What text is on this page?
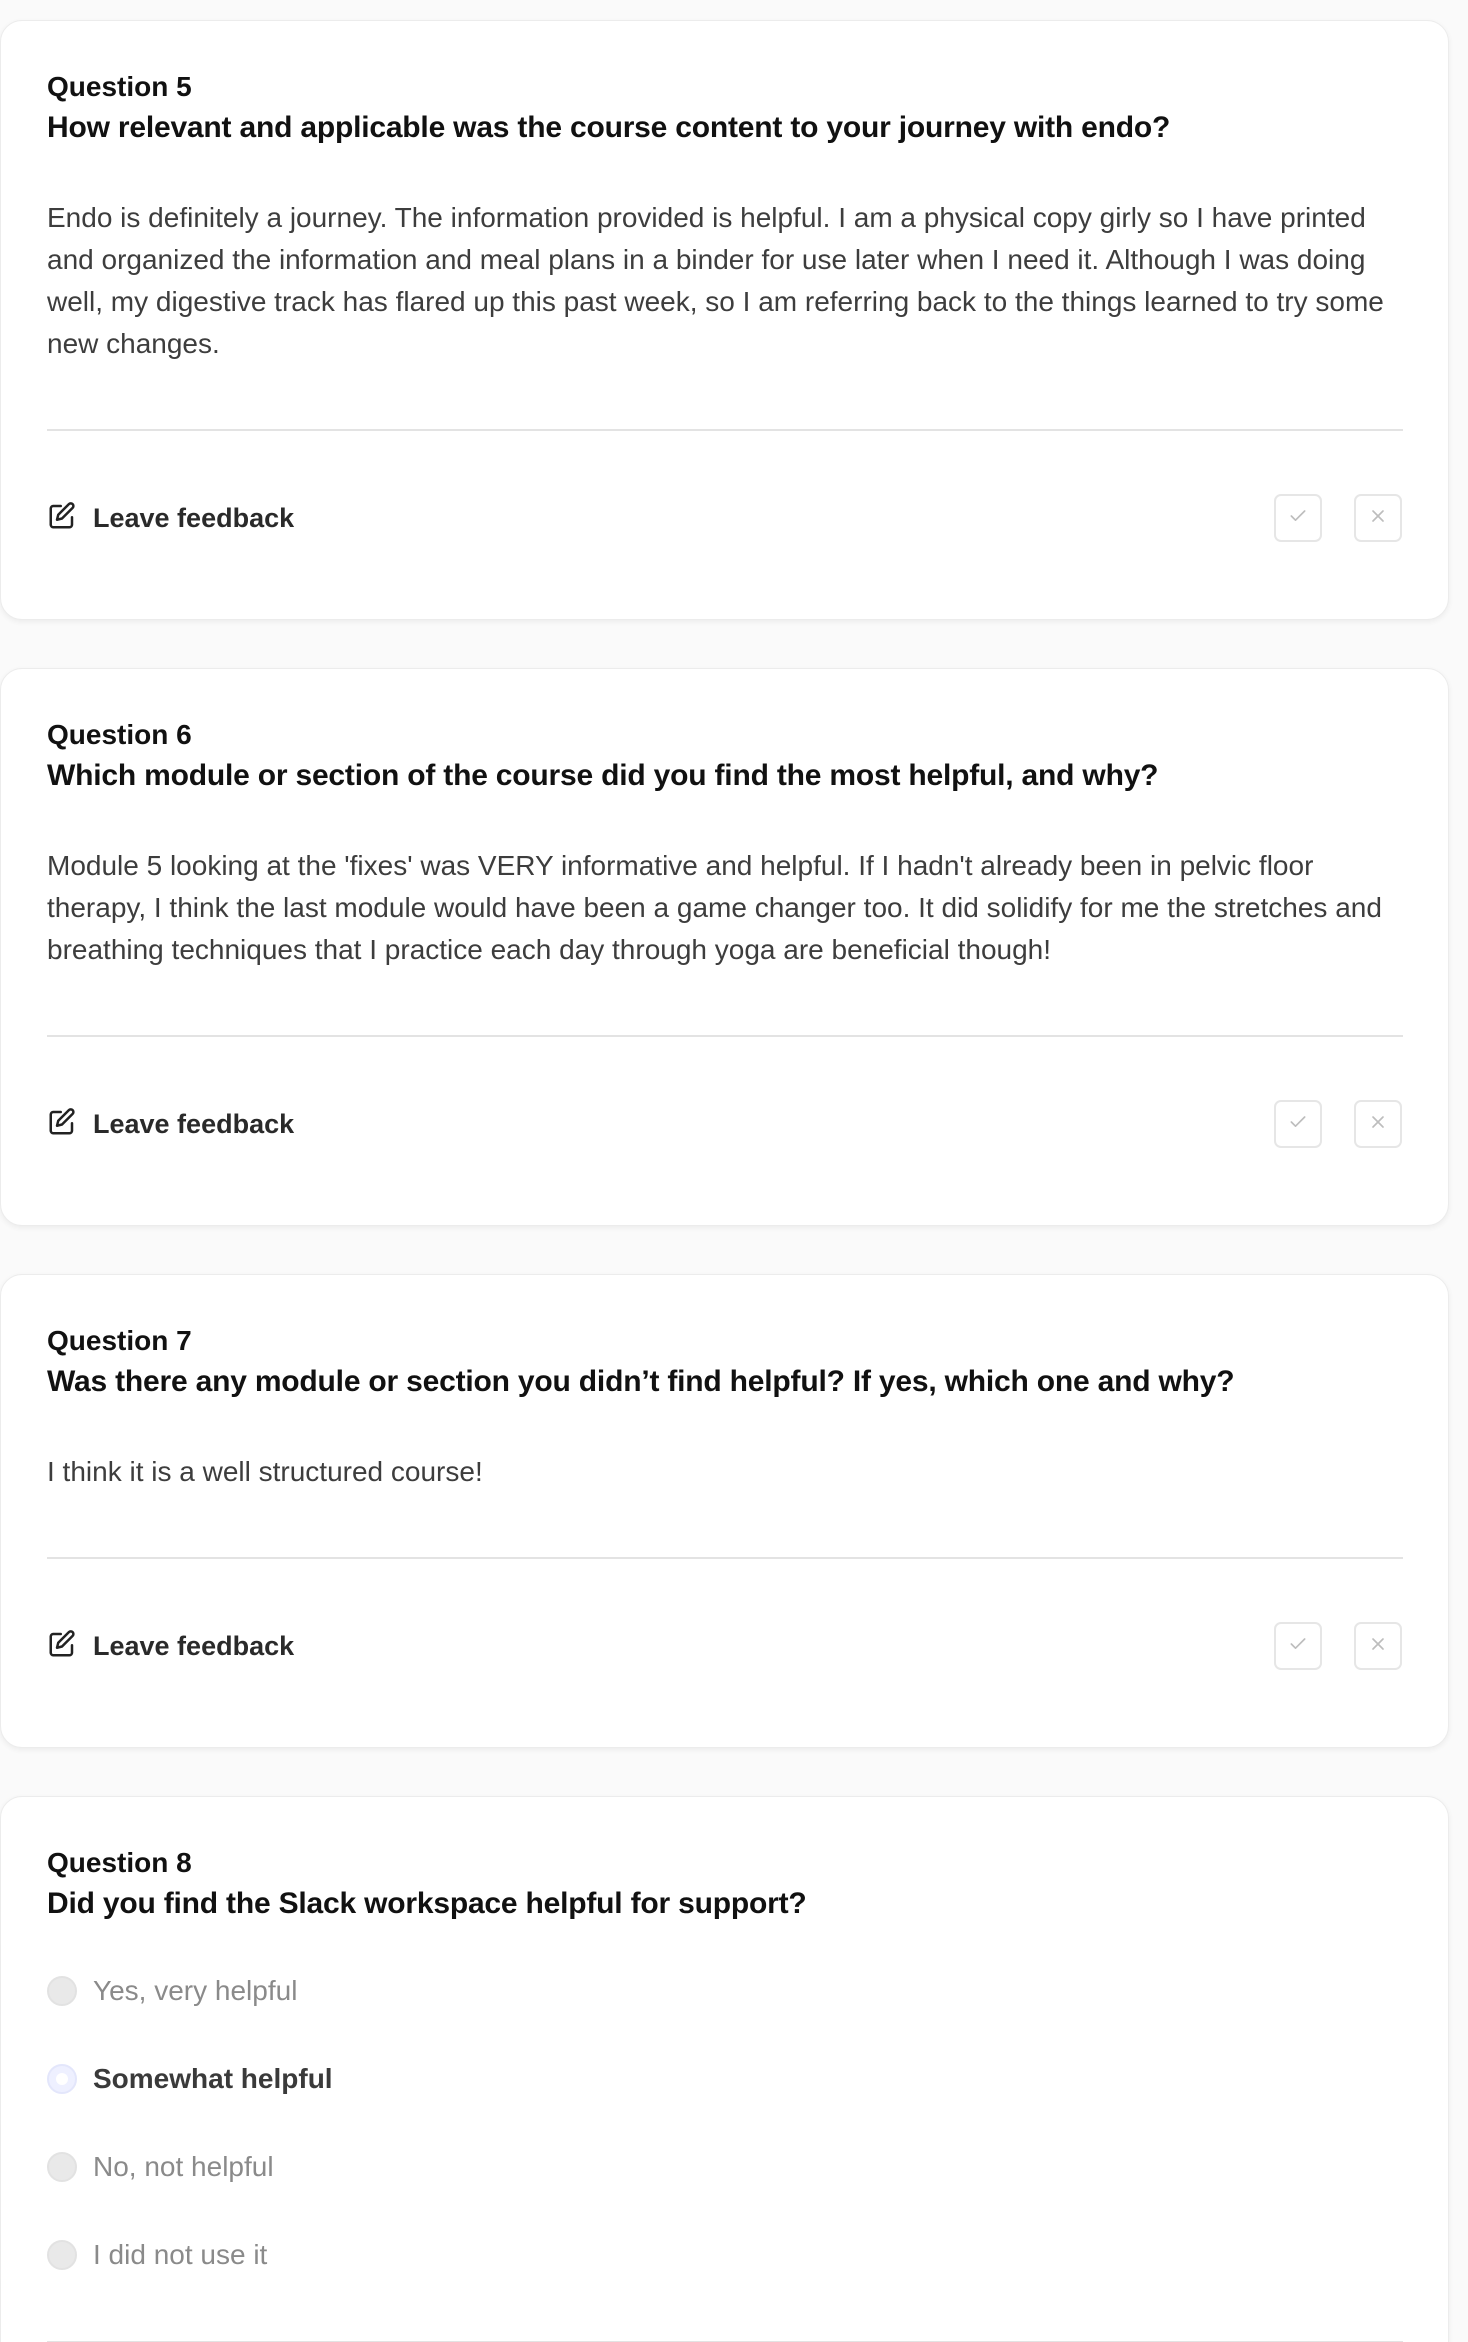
Question 5
How relevant and applicable was the course content to your journey with endo?
Endo is definitely a journey. The information provided is helpful. I am a physical copy girly so I have printed and organized the information and meal plans in a binder for use later when I need it. Although I was doing well, my digestive track has flared up this past week, so I am referring back to the things learned to try some new changes.
Leave feedback
Question 6
Which module or section of the course did you find the most helpful, and why?
Module 5 looking at the 'fixes' was VERY informative and helpful. If I hadn't already been in pelvic floor therapy, I think the last module would have been a game changer too. It did solidify for me the stretches and breathing techniques that I practice each day through yoga are beneficial though!
Leave feedback
Question 7
Was there any module or section you didn’t find helpful? If yes, which one and why?
I think it is a well structured course!
Leave feedback
Question 8
Did you find the Slack workspace helpful for support?
Yes, very helpful
Somewhat helpful
No, not helpful
I did not use it
